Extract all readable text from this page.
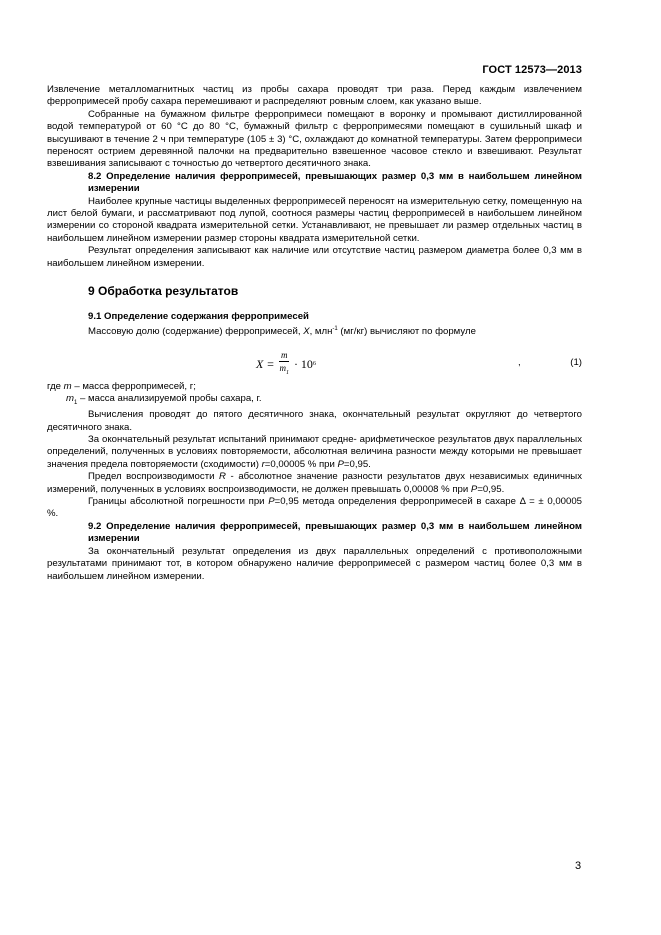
ГОСТ 12573—2013

Извлечение металломагнитных частиц из пробы сахара проводят три раза. Перед каждым извлечением ферропримесей пробу сахара перемешивают и распределяют ровным слоем, как указано выше.

Собранные на бумажном фильтре ферропримеси помещают в воронку и промывают дистиллированной водой температурой от 60 °С до 80 °С, бумажный фильтр с ферропримесями помещают в сушильный шкаф и высушивают в течение 2 ч при температуре (105 ± 3) °С, охлаждают до комнатной температуры. Затем ферропримеси переносят острием деревянной палочки на предварительно взвешенное часовое стекло и взвешивают. Результат взвешивания записывают с точностью до четвертого десятичного знака.

8.2 Определение наличия ферропримесей, превышающих размер 0,3 мм в наибольшем линейном измерении

Наиболее крупные частицы выделенных ферропримесей переносят на измерительную сетку, помещенную на лист белой бумаги, и рассматривают под лупой, соотнося размеры частиц ферропримесей в наибольшем линейном измерении со стороной квадрата измерительной сетки. Устанавливают, не превышает ли размер отдельных частиц в наибольшем линейном измерении размер стороны квадрата измерительной сетки.

Результат определения записывают как наличие или отсутствие частиц размером диаметра более 0,3 мм в наибольшем линейном измерении.

9 Обработка результатов

9.1 Определение содержания ферропримесей

Массовую долю (содержание) ферропримесей, X, млн$^{-1}$ (мг/кг) вычисляют по формуле

$X = \frac{m}{m_1} \cdot 10$ 6	,	(1)

где m – масса ферропримесей, г;

$m_1$ – масса анализируемой пробы сахара, г.

Вычисления проводят до пятого десятичного знака, окончательный результат округляют до четвертого десятичного знака.

За окончательный результат испытаний принимают средне- арифметическое результатов двух параллельных определений, полученных в условиях повторяемости, абсолютная величина разности между которыми не превышает значения предела повторяемости (сходимости) r=0,00005 % при Р=0,95.

Предел воспроизводимости R - абсолютное значение разности результатов двух независимых единичных измерений, полученных в условиях воспроизводимости, не должен превышать 0,00008 % при Р=0,95.

Границы абсолютной погрешности при Р=0,95 метода определения ферропримесей в сахаре Δ = ± 0,00005 %.

9.2 Определение наличия ферропримесей, превышающих размер 0,3 мм в наибольшем линейном измерении

За окончательный результат определения из двух параллельных определений с противоположными результатами принимают тот, в котором обнаружено наличие ферропримесей с размером частиц более 0,3 мм в наибольшем линейном измерении.

3
